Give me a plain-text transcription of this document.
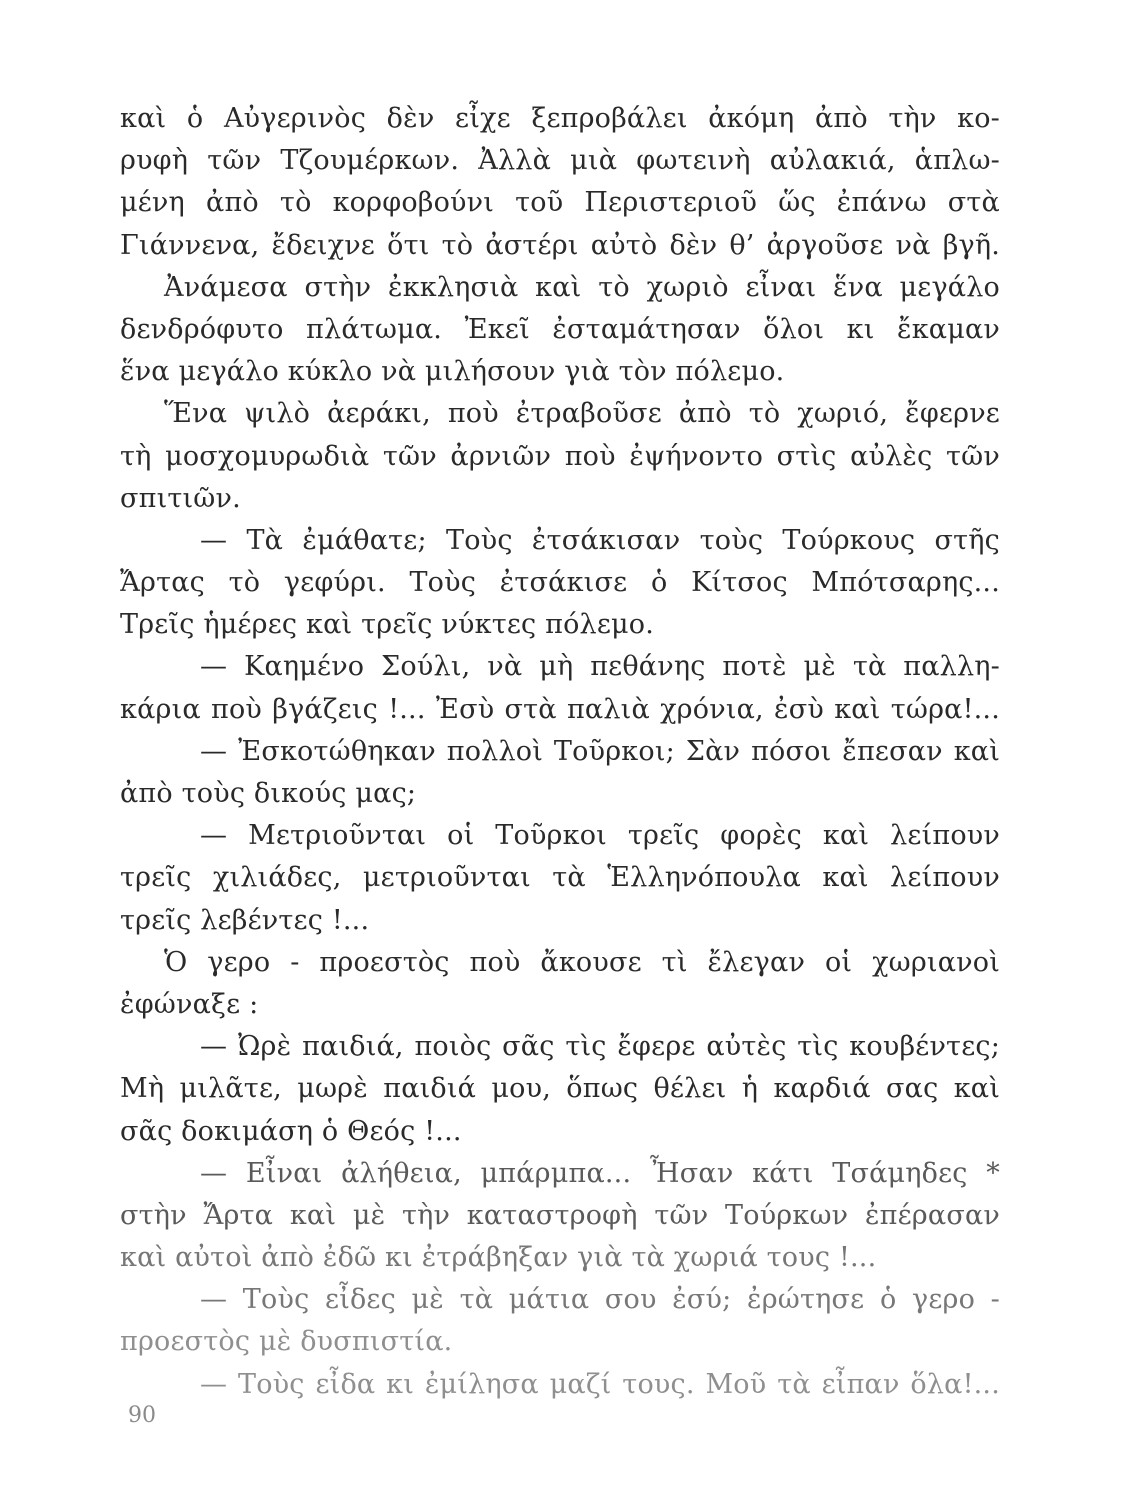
καὶ ὁ Αὐγερινὸς δὲν εἶχε ξεπροβάλει ἀκόμη ἀπὸ τὴν κο-
ρυφὴ τῶν Τζουμέρκων. Ἀλλὰ μιὰ φωτεινὴ αὐλακιά, ἁπλω-
μένη ἀπὸ τὸ κορφοβούνι τοῦ Περιστεριοῦ ὥς ἐπάνω στὰ
Γιάννενα, ἔδειχνε ὅτι τὸ ἀστέρι αὐτὸ δὲν θ’ ἀργοῦσε νὰ βγῆ.
Ἀνάμεσα στὴν ἐκκλησιὰ καὶ τὸ χωριὸ εἶναι ἕνα μεγάλο
δενδρόφυτο πλάτωμα. Ἐκεῖ ἐσταμάτησαν ὅλοι κι ἔκαμαν
ἕνα μεγάλο κύκλο νὰ μιλήσουν γιὰ τὸν πόλεμο.
Ἕνα ψιλὸ ἀεράκι, ποὺ ἐτραβοῦσε ἀπὸ τὸ χωριό, ἔφερνε
τὴ μοσχομυρωδιὰ τῶν ἀρνιῶν ποὺ ἐψήνοντο στὶς αὐλὲς τῶν
σπιτιῶν.
— Τὰ ἐμάθατε; Τοὺς ἐτσάκισαν τοὺς Τούρκους στῆς
Ἄρτας τὸ γεφύρι. Τοὺς ἐτσάκισε ὁ Κίτσος Μπότσαρης...
Τρεῖς ἡμέρες καὶ τρεῖς νύκτες πόλεμο.
— Καημένο Σούλι, νὰ μὴ πεθάνης ποτὲ μὲ τὰ παλλη-
κάρια ποὺ βγάζεις !... Ἐσὺ στὰ παλιὰ χρόνια, ἐσὺ καὶ τώρα!...
— Ἐσκοτώθηκαν πολλοὶ Τοῦρκοι; Σὰν πόσοι ἔπεσαν καὶ
ἀπὸ τοὺς δικούς μας;
— Μετριοῦνται οἱ Τοῦρκοι τρεῖς φορὲς καὶ λείπουν
τρεῖς χιλιάδες, μετριοῦνται τὰ Ἑλληνόπουλα καὶ λείπουν
τρεῖς λεβέντες !...
Ὁ γερο - προεστὸς ποὺ ἄκουσε τὶ ἔλεγαν οἱ χωριανοὶ
ἐφώναξε :
— Ὠρὲ παιδιά, ποιὸς σᾶς τὶς ἔφερε αὐτὲς τὶς κουβέντες;
Μὴ μιλᾶτε, μωρὲ παιδιά μου, ὅπως θέλει ἡ καρδιά σας καὶ
σᾶς δοκιμάση ὁ Θεός !...
— Εἶναι ἀλήθεια, μπάρμπα... Ἦσαν κάτι Τσάμηδες *
στὴν Ἄρτα καὶ μὲ τὴν καταστροφὴ τῶν Τούρκων ἐπέρασαν
καὶ αὐτοὶ ἀπὸ ἐδῶ κι ἐτράβηξαν γιὰ τὰ χωριά τους !...
— Τοὺς εἶδες μὲ τὰ μάτια σου ἐσύ; ἐρώτησε ὁ γερο -
προεστὸς μὲ δυσπιστία.
— Τοὺς εἶδα κι ἐμίλησα μαζί τους. Μοῦ τὰ εἶπαν ὅλα!...
90
